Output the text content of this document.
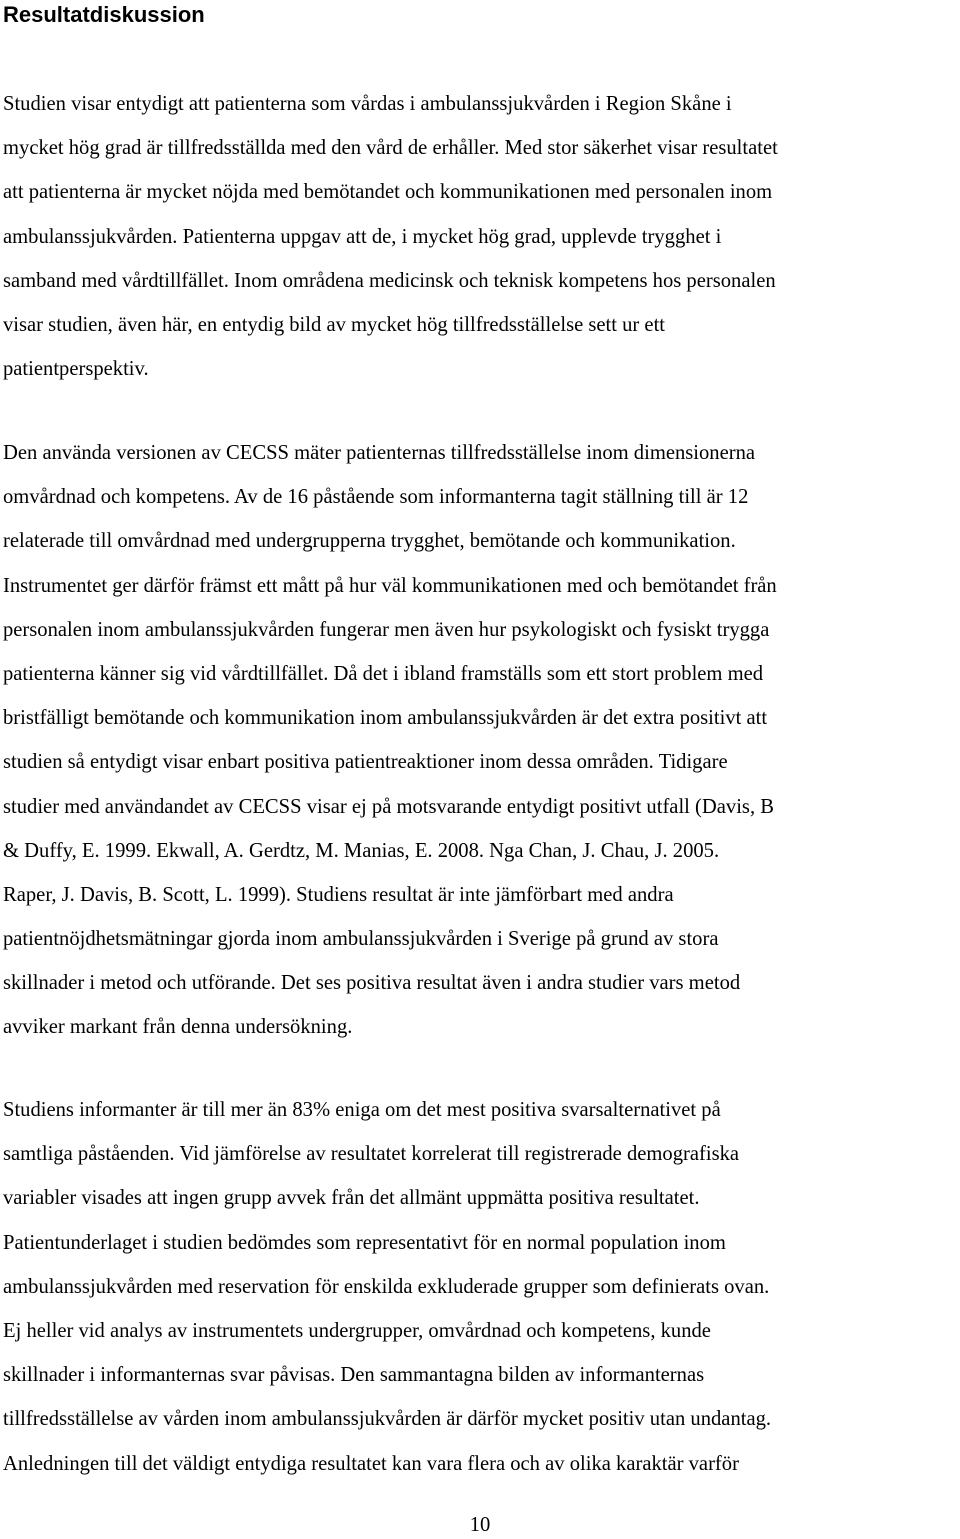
Resultatdiskussion

Studien visar entydigt att patienterna som vårdas i ambulanssjukvården i Region Skåne i
mycket hög grad är tillfredsställda med den vård de erhåller. Med stor säkerhet visar resultatet
att patienterna är mycket nöjda med bemötandet och kommunikationen med personalen inom
ambulanssjukvården. Patienterna uppgav att de, i mycket hög grad, upplevde trygghet i
samband med vårdtillfället. Inom områdena medicinsk och teknisk kompetens hos personalen
visar studien, även här, en entydig bild av mycket hög tillfredsställelse sett ur ett
patientperspektiv.

Den använda versionen av CECSS mäter patienternas tillfredsställelse inom dimensionerna
omvårdnad och kompetens. Av de 16 påstående som informanterna tagit ställning till är 12
relaterade till omvårdnad med undergrupperna trygghet, bemötande och kommunikation.
Instrumentet ger därför främst ett mått på hur väl kommunikationen med och bemötandet från
personalen inom ambulanssjukvården fungerar men även hur psykologiskt och fysiskt trygga
patienterna känner sig vid vårdtillfället. Då det i ibland framställs som ett stort problem med
bristfälligt bemötande och kommunikation inom ambulanssjukvården är det extra positivt att
studien så entydigt visar enbart positiva patientreaktioner inom dessa områden. Tidigare
studier med användandet av CECSS visar ej på motsvarande entydigt positivt utfall (Davis, B
& Duffy, E. 1999. Ekwall, A. Gerdtz, M. Manias, E. 2008. Nga Chan, J. Chau, J. 2005.
Raper, J. Davis, B. Scott, L. 1999). Studiens resultat är inte jämförbart med andra
patientnöjdhetsmätningar gjorda inom ambulanssjukvården i Sverige på grund av stora
skillnader i metod och utförande. Det ses positiva resultat även i andra studier vars metod
avviker markant från denna undersökning.

Studiens informanter är till mer än 83% eniga om det mest positiva svarsalternativet på
samtliga påståenden. Vid jämförelse av resultatet korrelerat till registrerade demografiska
variabler visades att ingen grupp avvek från det allmänt uppmätta positiva resultatet.
Patientunderlaget i studien bedömdes som representativt för en normal population inom
ambulanssjukvården med reservation för enskilda exkluderade grupper som definierats ovan.
Ej heller vid analys av instrumentets undergrupper, omvårdnad och kompetens, kunde
skillnader i informanternas svar påvisas. Den sammantagna bilden av informanternas
tillfredsställelse av vården inom ambulanssjukvården är därför mycket positiv utan undantag.
Anledningen till det väldigt entydiga resultatet kan vara flera och av olika karaktär varför

10
